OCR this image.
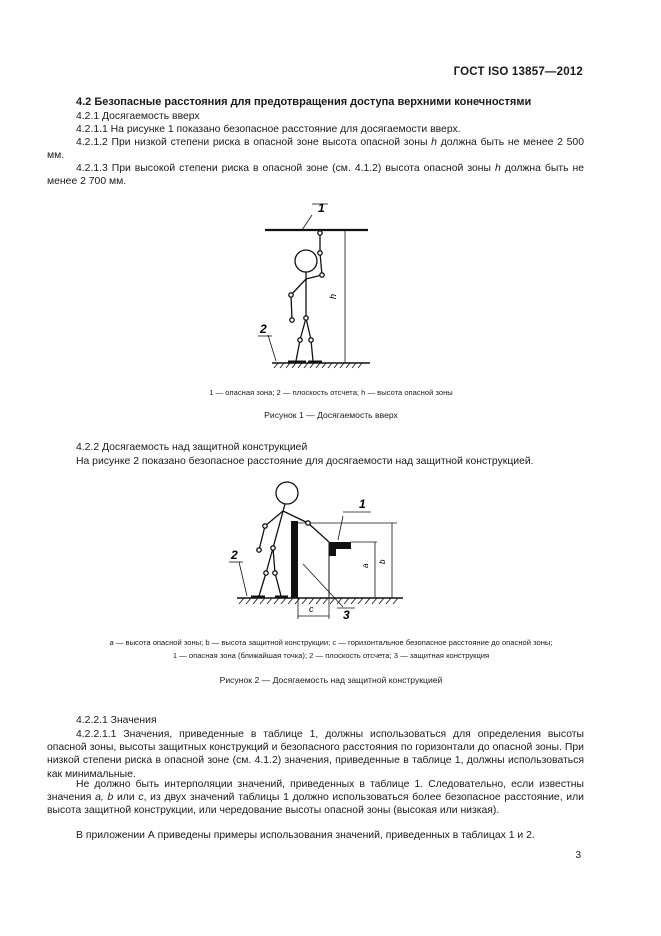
ГОСТ ISO 13857—2012
4.2 Безопасные расстояния для предотвращения доступа верхними конечностями
4.2.1 Досягаемость вверх
4.2.1.1 На рисунке 1 показано безопасное расстояние для досягаемости вверх.
4.2.1.2 При низкой степени риска в опасной зоне высота опасной зоны h должна быть не менее 2 500 мм.
4.2.1.3 При высокой степени риска в опасной зоне (см. 4.1.2) высота опасной зоны h должна быть не менее 2 700 мм.
1
h
2
1 — опасная зона; 2 — плоскость отсчета; h — высота опасной зоны
Рисунок 1 — Досягаемость вверх
4.2.2 Досягаемость над защитной конструкцией
На рисунке 2 показано безопасное расстояние для досягаемости над защитной конструкцией.
a
b
c
1
3
2
a — высота опасной зоны; b — высота защитной конструкции; c — горизонтальное безопасное расстояние до опасной зоны;
1 — опасная зона (ближайшая точка); 2 — плоскость отсчета; 3 — защитная конструкция
Рисунок 2 — Досягаемость над защитной конструкцией
4.2.2.1 Значения
4.2.2.1.1 Значения, приведенные в таблице 1, должны использоваться для определения высоты опасной зоны, высоты защитных конструкций и безопасного расстояния по горизонтали до опасной зоны. При низкой степени риска в опасной зоне (см. 4.1.2) значения, приведенные в таблице 1, должны использоваться как минимальные.
Не должно быть интерполяции значений, приведенных в таблице 1. Следовательно, если известны значения a, b или c, из двух значений таблицы 1 должно использоваться более безопасное расстояние, или высота защитной конструкции, или чередование высоты опасной зоны (высокая или низкая).
В приложении А приведены примеры использования значений, приведенных в таблицах 1 и 2.
3
